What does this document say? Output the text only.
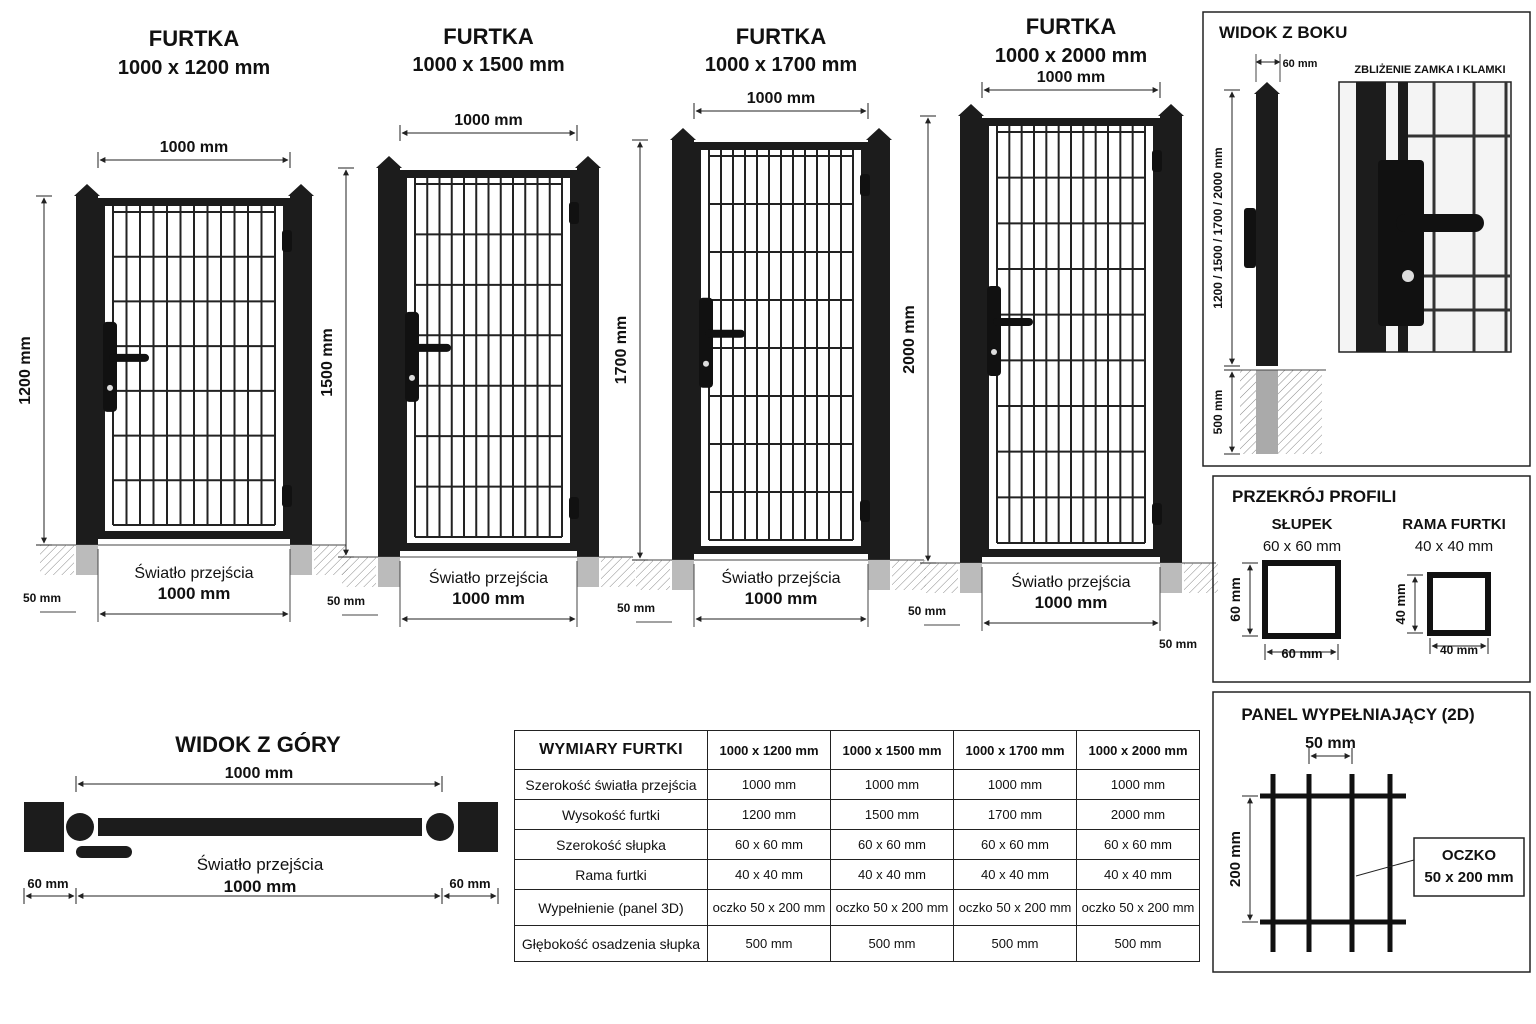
FURTKA
1000 x 1200 mm
1000 mm
1200 mm
Światło przejścia
1000 mm
50 mm
FURTKA
1000 x 1500 mm
1000 mm
1500 mm
Światło przejścia
1000 mm
50 mm
FURTKA
1000 x 1700 mm
1000 mm
1700 mm
Światło przejścia
1000 mm
50 mm
FURTKA
1000 x 2000 mm
1000 mm
2000 mm
Światło przejścia
1000 mm
50 mm
50 mm
WIDOK Z BOKU
60 mm
1200 / 1500 / 1700 / 2000 mm
500 mm
ZBLIŻENIE ZAMKA I KLAMKI
PRZEKRÓJ PROFILI
SŁUPEK
60 x 60 mm
60 mm
60 mm
RAMA FURTKI
40 x 40 mm
40 mm
40 mm
PANEL WYPEŁNIAJĄCY (2D)
50 mm
200 mm	OCZKO
50 x 200 mm
WIDOK Z GÓRY
1000 mm
Światło przejścia
1000 mm
60 mm	60 mm
WYMIARY FURTKI	1000 x 1200 mm	1000 x 1500 mm	1000 x 1700 mm	1000 x 2000 mm
Szerokość światła przejścia	1000 mm	1000 mm	1000 mm	1000 mm
Wysokość furtki	1200 mm	1500 mm	1700 mm	2000 mm
Szerokość słupka	60 x 60 mm	60 x 60 mm	60 x 60 mm	60 x 60 mm
Rama furtki	40 x 40 mm	40 x 40 mm	40 x 40 mm	40 x 40 mm
Wypełnienie (panel 3D)	oczko 50 x 200 mm	oczko 50 x 200 mm	oczko 50 x 200 mm	oczko 50 x 200 mm
Głębokość osadzenia słupka	500 mm	500 mm	500 mm	500 mm
